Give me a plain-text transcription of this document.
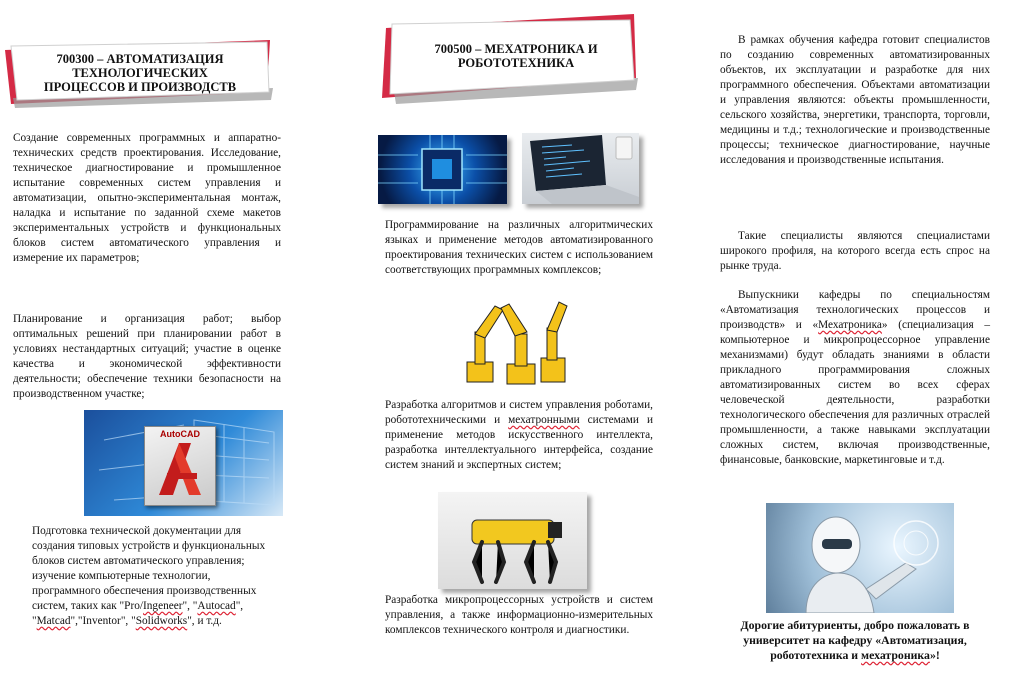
700300 – АВТОМАТИЗАЦИЯ ТЕХНОЛОГИЧЕСКИХ ПРОЦЕССОВ И ПРОИЗВОДСТВ

Создание современных программных и аппаратно-технических средств проектирования. Исследование, техническое диагностирование и промышленное испытание современных систем управления и автоматизации, опытно-экспериментальная монтаж, наладка и испытание по заданной схеме макетов экспериментальных устройств и функциональных блоков систем автоматического управления и измерение их параметров;

Планирование и организация работ; выбор оптимальных решений при планировании работ в условиях нестандартных ситуаций; участие в оценке качества и экономической эффективности деятельности; обеспечение техники безопасности на производственном участке;

AutoCAD

Подготовка технической документации для создания типовых устройств и функциональных блоков систем автоматического управления; изучение компьютерные технологии, программного обеспечения производственных систем, таких как "Pro/Ingeneer", "Autocad", "Matcad","Inventor", "Solidworks", и т.д.

700500 – МЕХАТРОНИКА И РОБОТОТЕХНИКА

Программирование на различных алгоритмических языках и применение методов автоматизированного проектирования технических систем с использованием соответствующих программных комплексов;

Разработка алгоритмов и систем управления роботами, робототехническими и мехатронными системами и применение методов искусственного интеллекта, разработка интеллектуального интерфейса, создание систем знаний и экспертных систем;

Разработка микропроцессорных устройств и систем управления, а также информационно-измерительных комплексов технического контроля и диагностики.

В рамках обучения кафедра готовит специалистов по созданию современных автоматизированных объектов, их эксплуатации и разработке для них программного обеспечения. Объектами автоматизации и управления являются: объекты промышленности, сельского хозяйства, энергетики, транспорта, торговли, медицины и т.д.; технологические и производственные процессы; техническое диагностирование, научные исследования и производственные испытания.

Такие специалисты являются специалистами широкого профиля, на которого всегда есть спрос на рынке труда.

Выпускники кафедры по специальностям «Автоматизация технологических процессов и производств» и «Мехатроника» (специализация – компьютерное и микропроцессорное управление механизмами) будут обладать знаниями в области прикладного программирования сложных автоматизированных систем во всех сферах человеческой деятельности, разработки технологического обеспечения для различных отраслей промышленности, а также навыками эксплуатации сложных систем, включая производственные, финансовые, банковские, маркетинговые и т.д.

Дорогие абитуриенты, добро пожаловать в университет на кафедру «Автоматизация, робототехника и мехатроника»!
